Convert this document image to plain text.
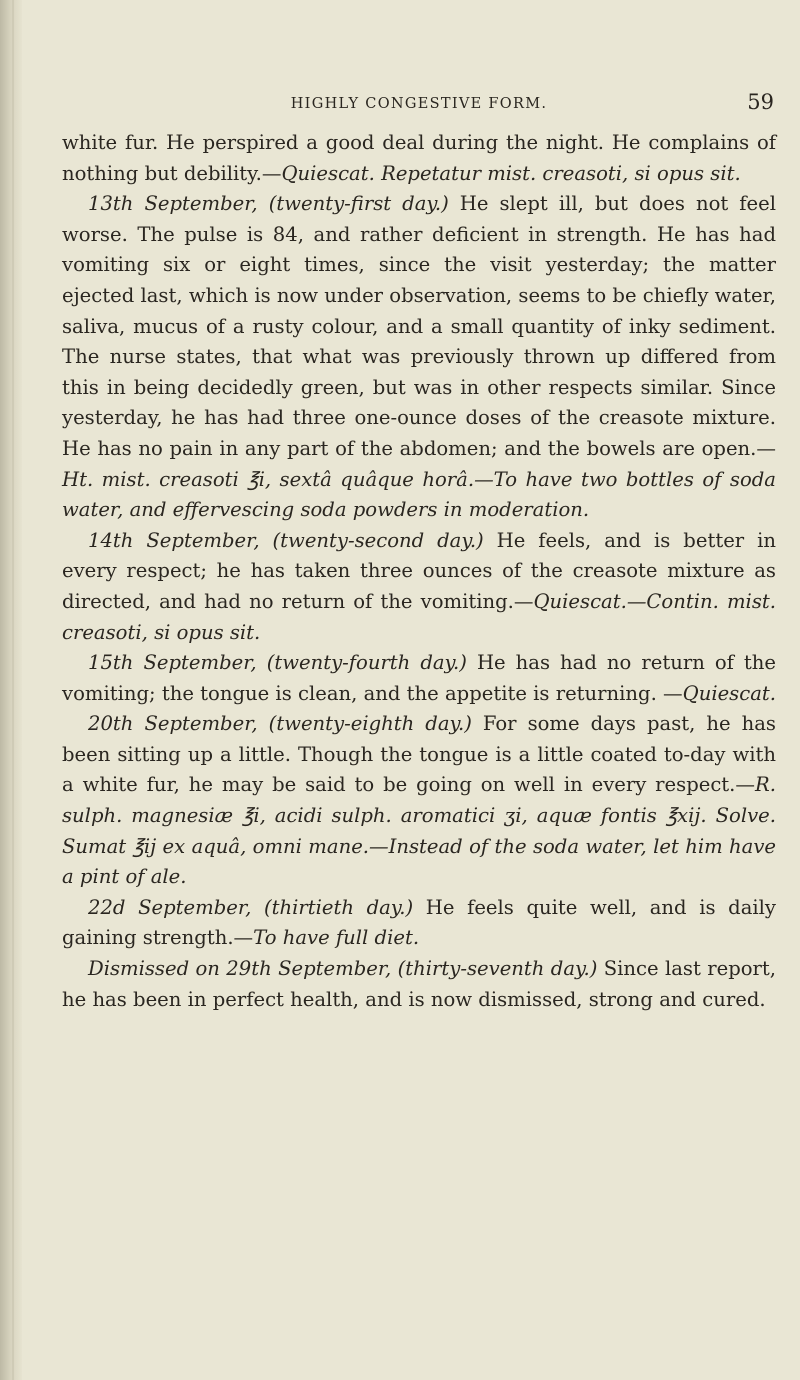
HIGHLY CONGESTIVE FORM.	59

white fur. He perspired a good deal during the night. He complains of nothing but debility.—Quiescat. Repetatur mist. creasoti, si opus sit.

13th September, (twenty-first day.) He slept ill, but does not feel worse. The pulse is 84, and rather deficient in strength. He has had vomiting six or eight times, since the visit yesterday; the matter ejected last, which is now under observation, seems to be chiefly water, saliva, mucus of a rusty colour, and a small quantity of inky sediment. The nurse states, that what was previously thrown up differed from this in being decidedly green, but was in other respects similar. Since yesterday, he has had three one-ounce doses of the creasote mixture. He has no pain in any part of the abdomen; and the bowels are open.—Ht. mist. creasoti ℥i, sextâ quâque horâ.—To have two bottles of soda water, and effervescing soda powders in moderation.

14th September, (twenty-second day.) He feels, and is better in every respect; he has taken three ounces of the creasote mixture as directed, and had no return of the vomiting.—Quiescat.—Contin. mist. creasoti, si opus sit.

15th September, (twenty-fourth day.) He has had no return of the vomiting; the tongue is clean, and the appetite is returning. —Quiescat.

20th September, (twenty-eighth day.) For some days past, he has been sitting up a little. Though the tongue is a little coated to-day with a white fur, he may be said to be going on well in every respect.—R. sulph. magnesiæ ℥i, acidi sulph. aromatici ʒi, aquæ fontis ℥xij. Solve. Sumat ℥ij ex aquâ, omni mane.—Instead of the soda water, let him have a pint of ale.

22d September, (thirtieth day.) He feels quite well, and is daily gaining strength.—To have full diet.

Dismissed on 29th September, (thirty-seventh day.) Since last report, he has been in perfect health, and is now dismissed, strong and cured.
